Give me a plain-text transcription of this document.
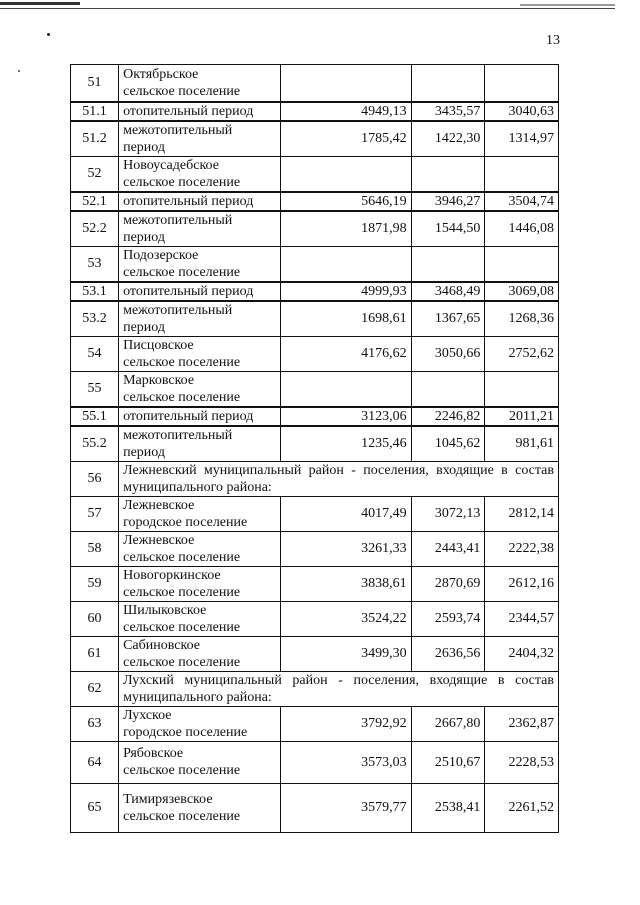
13
51	Октябрьское
сельское поселение			

51.1	отопительный период	4949,13	3435,57	3040,63
51.2	межотопительный
период	1785,42	1422,30	1314,97
52	Новоусадебское
сельское поселение			

52.1	отопительный период	5646,19	3946,27	3504,74
52.2	межотопительный
период	1871,98	1544,50	1446,08
53	Подозерское
сельское поселение			

53.1	отопительный период	4999,93	3468,49	3069,08
53.2	межотопительный
период	1698,61	1367,65	1268,36
54	Писцовское
сельское поселение	4176,62	3050,66	2752,62
55	Марковское
сельское поселение			

55.1	отопительный период	3123,06	2246,82	2011,21
55.2	межотопительный
период	1235,46	1045,62	981,61
56	Лежневский муниципальный район - поселения, входящие в состав муниципального района:			
57	Лежневское
городское поселение	4017,49	3072,13	2812,14
58	Лежневское
сельское поселение	3261,33	2443,41	2222,38
59	Новогоркинское
сельское поселение	3838,61	2870,69	2612,16
60	Шилыковское
сельское поселение	3524,22	2593,74	2344,57
61	Сабиновское
сельское поселение	3499,30	2636,56	2404,32
62	Лухский муниципальный район - поселения, входящие в состав муниципального района:			
63	Лухское
городское поселение	3792,92	2667,80	2362,87
64	Рябовское
сельское поселение	3573,03	2510,67	2228,53
65	Тимирязевское
сельское поселение	3579,77	2538,41	2261,52
